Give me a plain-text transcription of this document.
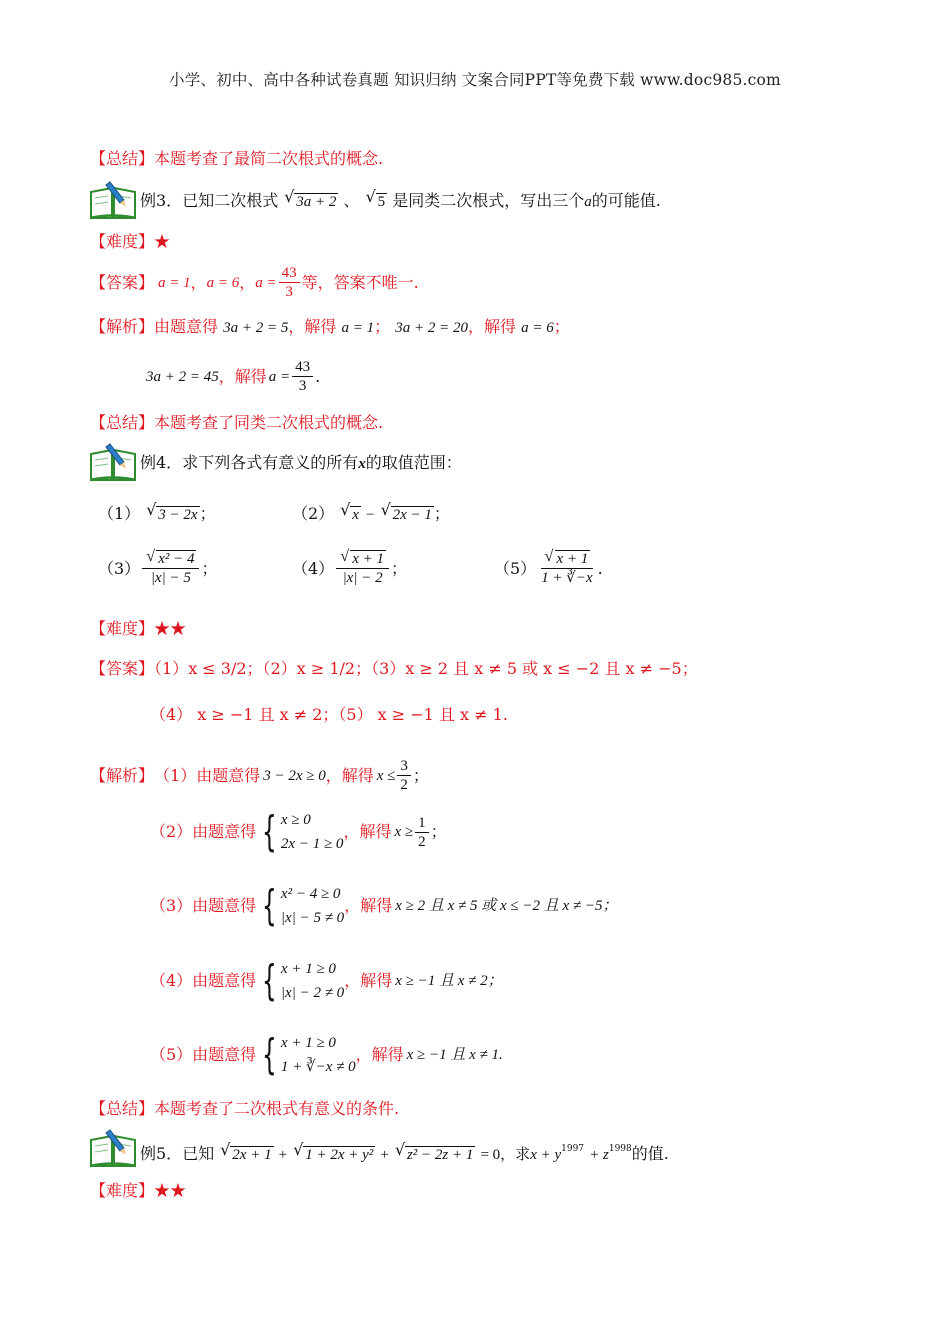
小学、初中、高中各种试卷真题 知识归纳 文案合同PPT等免费下载 www.doc985.com
【总结】本题考查了最简二次根式的概念.
例3．已知二次根式 √ 3a + 2 、 √ 5 是同类二次根式，写出三个a的可能值.
【难度】★
【答案】 a = 1 ， a = 6 ， $a = \frac{43}{3}$ 等，答案不唯一.
【解析】由题意得 3a + 2 = 5，解得 a = 1； 3a + 2 = 20，解得 a = 6；
3a + 2 = 45 ， 解得 $a = \frac{43}{3}$ .
【总结】本题考查了同类二次根式的概念.
例4．求下列各式有意义的所有x的取值范围：
（1） √ 3 − 2x ；	（2） √ x − √ 2x − 1 ；
$(3) \frac{\text{√ x² − 4}}{|x| - 5}$ ；	$(4) \frac{√ x + 1}{|x| - 2}$ ；	$(5) \frac{√ x + 1}{1 + ∛-x}$ .
【难度】★★
【答案】（1）x ≤ 3/2；（2）x ≥ 1/2；（3）x ≥ 2 且 x ≠ 5 或 x ≤ −2 且 x ≠ −5；
（4） x ≥ −1 且 x ≠ 2；（5） x ≥ −1 且 x ≠ 1.
【解析】 （1）由题意得 3 − 2x ≥ 0 ，解得 $x \le \frac{3}{2}$ ；
（2）由题意得 { x ≥ 0
2x − 1 ≥ 0
，解得 $x \ge \frac{1}{2}$ ；
（3）由题意得 { x² − 4 ≥ 0
|x| − 5 ≠ 0
，解得 x ≥ 2 且 x ≠ 5 或 x ≤ −2 且 x ≠ −5；
（4）由题意得 { x + 1 ≥ 0
|x| − 2 ≠ 0
，解得 x ≥ −1 且 x ≠ 2；
（5）由题意得 { x + 1 ≥ 0
1 + ∛−x ≠ 0
，解得 x ≥ −1 且 x ≠ 1.
【总结】本题考查了二次根式有意义的条件.
例5．已知 √ 2x + 1 + √ 1 + 2x + y² + √ z² − 2z + 1 = 0，求$x + y^{1997} + z^{1998}$的值.
【难度】★★
